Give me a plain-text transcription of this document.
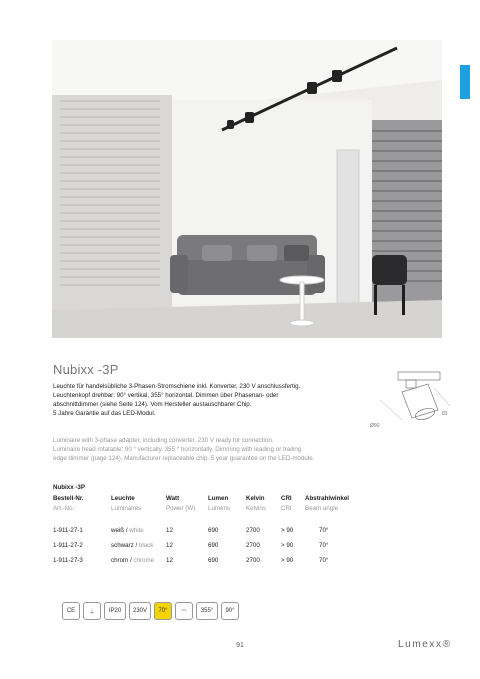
Nubixx -3P
Leuchte für handelsübliche 3-Phasen-Stromschiene inkl. Konverter, 230 V anschlussfertig.
Leuchtenkopf drehbar: 90° vertikal, 355° horizontal. Dimmen über Phasenan- oder
abschnittdimmer (siehe Seite 124). Vom Hersteller austauschbarer Chip.
5 Jahre Garantie auf das LED-Modul.
Luminaire with 3-phase adapter, including converter, 230 V ready for connection.
Luminaire head rotatable: 90 ° vertically, 355 ° horizontally. Dimming with leading or trailing
edge dimmer (page 124). Manufacturer replaceable chip. 5 year guarantee on the LED-module.
Ø90
83
Nubixx -3P
Bestell-Nr.	Leuchte	Watt	Lumen	Kelvin	CRI	Abstrahlwinkel
Art.-No.:	Luminaires	Power (W)	Lumens	Kelvins	CRI	Beam angle

1-911-27-1	weiß / white	12	690	2700	> 90	70°
1-911-27-2	schwarz / black	12	690	2700	> 90	70°
1-911-27-3	chrom / chrome	12	690	2700	> 90	70°
CE	⏚	IP20	230V	70°	◠	355°	90°
91	Lumexx®
